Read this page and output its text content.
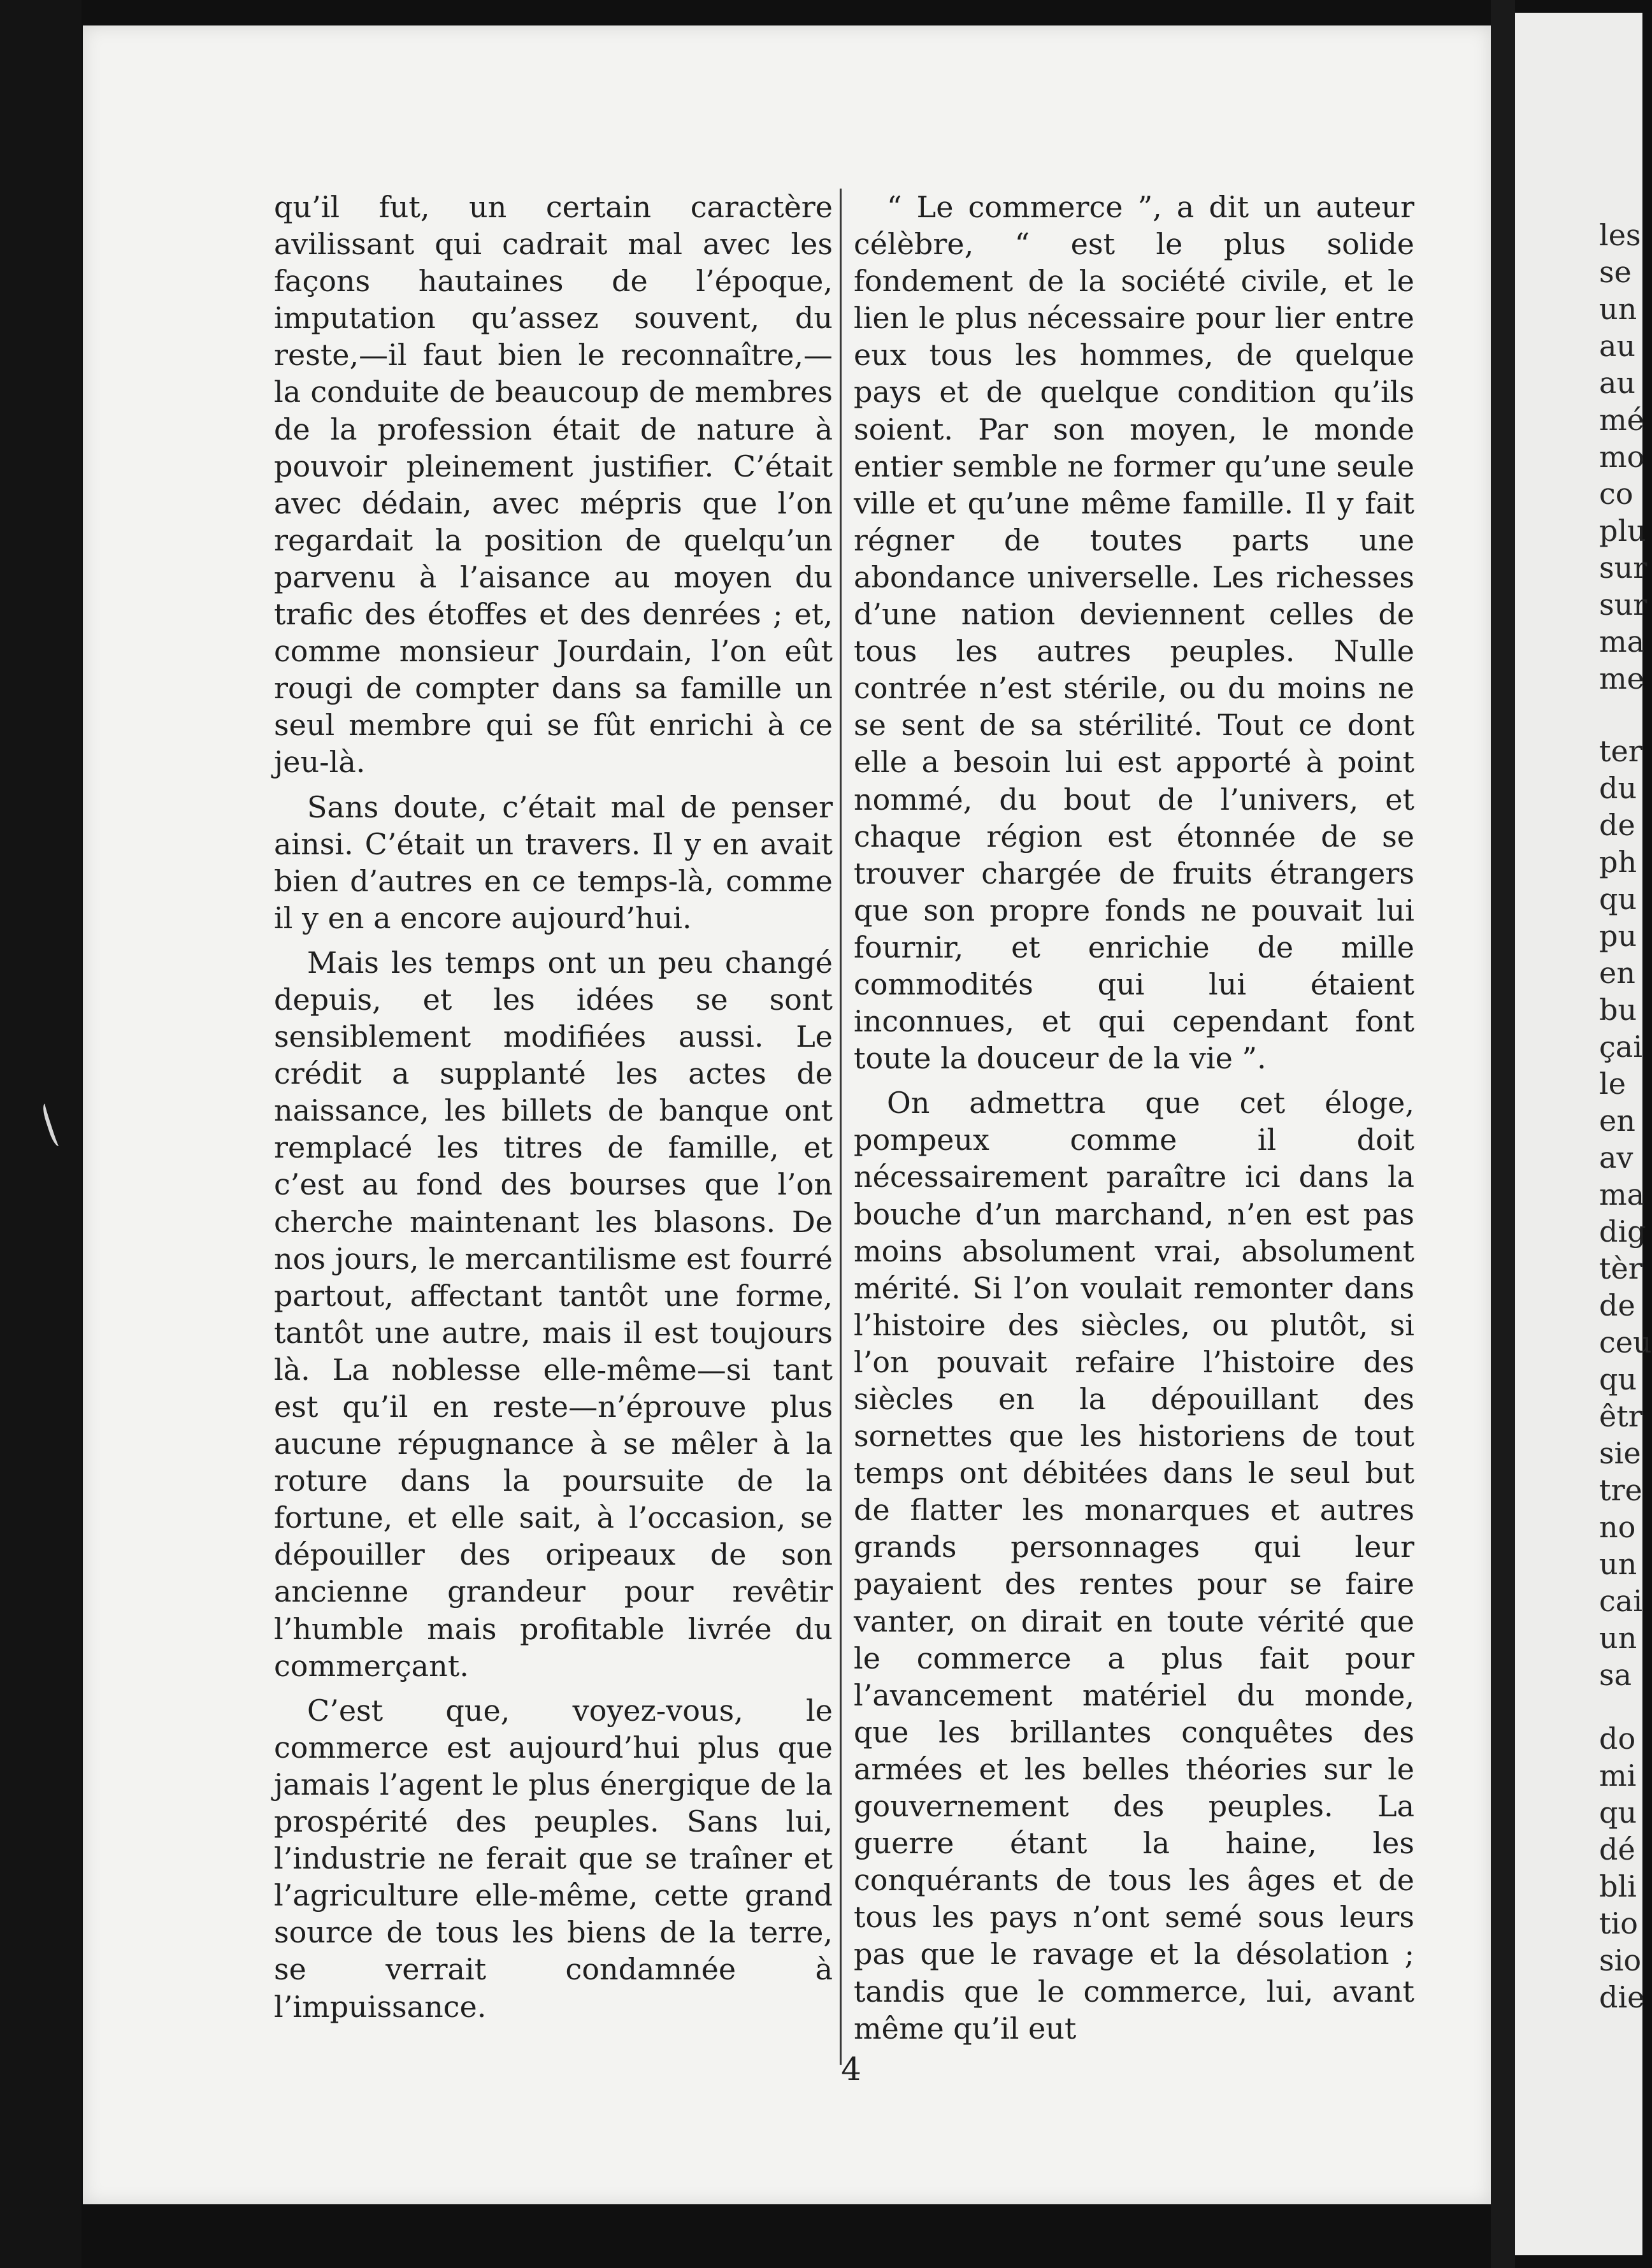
qu’il fut, un certain caractère avilissant qui cadrait mal avec les façons hautaines de l’époque, imputation qu’assez souvent, du reste,—il faut bien le reconnaître,—la conduite de beaucoup de membres de la profession était de nature à pouvoir pleinement justifier. C’était avec dédain, avec mépris que l’on regardait la position de quelqu’un parvenu à l’aisance au moyen du trafic des étoffes et des denrées ; et, comme monsieur Jourdain, l’on eût rougi de compter dans sa famille un seul membre qui se fût enrichi à ce jeu-là.

Sans doute, c’était mal de penser ainsi. C’était un travers. Il y en avait bien d’autres en ce temps-là, comme il y en a encore aujourd’hui.

Mais les temps ont un peu changé depuis, et les idées se sont sensiblement modifiées aussi. Le crédit a supplanté les actes de naissance, les billets de banque ont remplacé les titres de famille, et c’est au fond des bourses que l’on cherche maintenant les blasons. De nos jours, le mercantilisme est fourré partout, affectant tantôt une forme, tantôt une autre, mais il est toujours là. La noblesse elle-même—si tant est qu’il en reste—n’éprouve plus aucune répugnance à se mêler à la roture dans la poursuite de la fortune, et elle sait, à l’occasion, se dépouiller des oripeaux de son ancienne grandeur pour revêtir l’humble mais profitable livrée du commerçant.

C’est que, voyez-vous, le commerce est aujourd’hui plus que jamais l’agent le plus énergique de la prospérité des peuples. Sans lui, l’industrie ne ferait que se traîner et l’agriculture elle-même, cette grand source de tous les biens de la terre, se verrait condamnée à l’impuissance.

“ Le commerce ”, a dit un auteur célèbre, “ est le plus solide fondement de la société civile, et le lien le plus nécessaire pour lier entre eux tous les hommes, de quelque pays et de quelque condition qu’ils soient. Par son moyen, le monde entier semble ne former qu’une seule ville et qu’une même famille. Il y fait régner de toutes parts une abondance universelle. Les richesses d’une nation deviennent celles de tous les autres peuples. Nulle contrée n’est stérile, ou du moins ne se sent de sa stérilité. Tout ce dont elle a besoin lui est apporté à point nommé, du bout de l’univers, et chaque région est étonnée de se trouver chargée de fruits étrangers que son propre fonds ne pouvait lui fournir, et enrichie de mille commodités qui lui étaient inconnues, et qui cependant font toute la douceur de la vie ”.

On admettra que cet éloge, pompeux comme il doit nécessairement paraître ici dans la bouche d’un marchand, n’en est pas moins absolument vrai, absolument mérité. Si l’on voulait remonter dans l’histoire des siècles, ou plutôt, si l’on pouvait refaire l’histoire des siècles en la dépouillant des sornettes que les historiens de tout temps ont débitées dans le seul but de flatter les monarques et autres grands personnages qui leur payaient des rentes pour se faire vanter, on dirait en toute vérité que le commerce a plus fait pour l’avancement matériel du monde, que les brillantes conquêtes des armées et les belles théories sur le gouvernement des peuples. La guerre étant la haine, les conquérants de tous les âges et de tous les pays n’ont semé sous leurs pas que le ravage et la désolation ; tandis que le commerce, lui, avant même qu’il eut

4

les

se

un

au

au

mé

mo

co

plu

sur

sur

ma

me

ter

du

de

ph

qu

pu

en

bu

çai

le

en

av

ma

dig

tèr

de

ceu

qu

êtr

sie

tre

no

un

cai

un

sa

do

mi

qu

dé

bli

tio

sio

die
